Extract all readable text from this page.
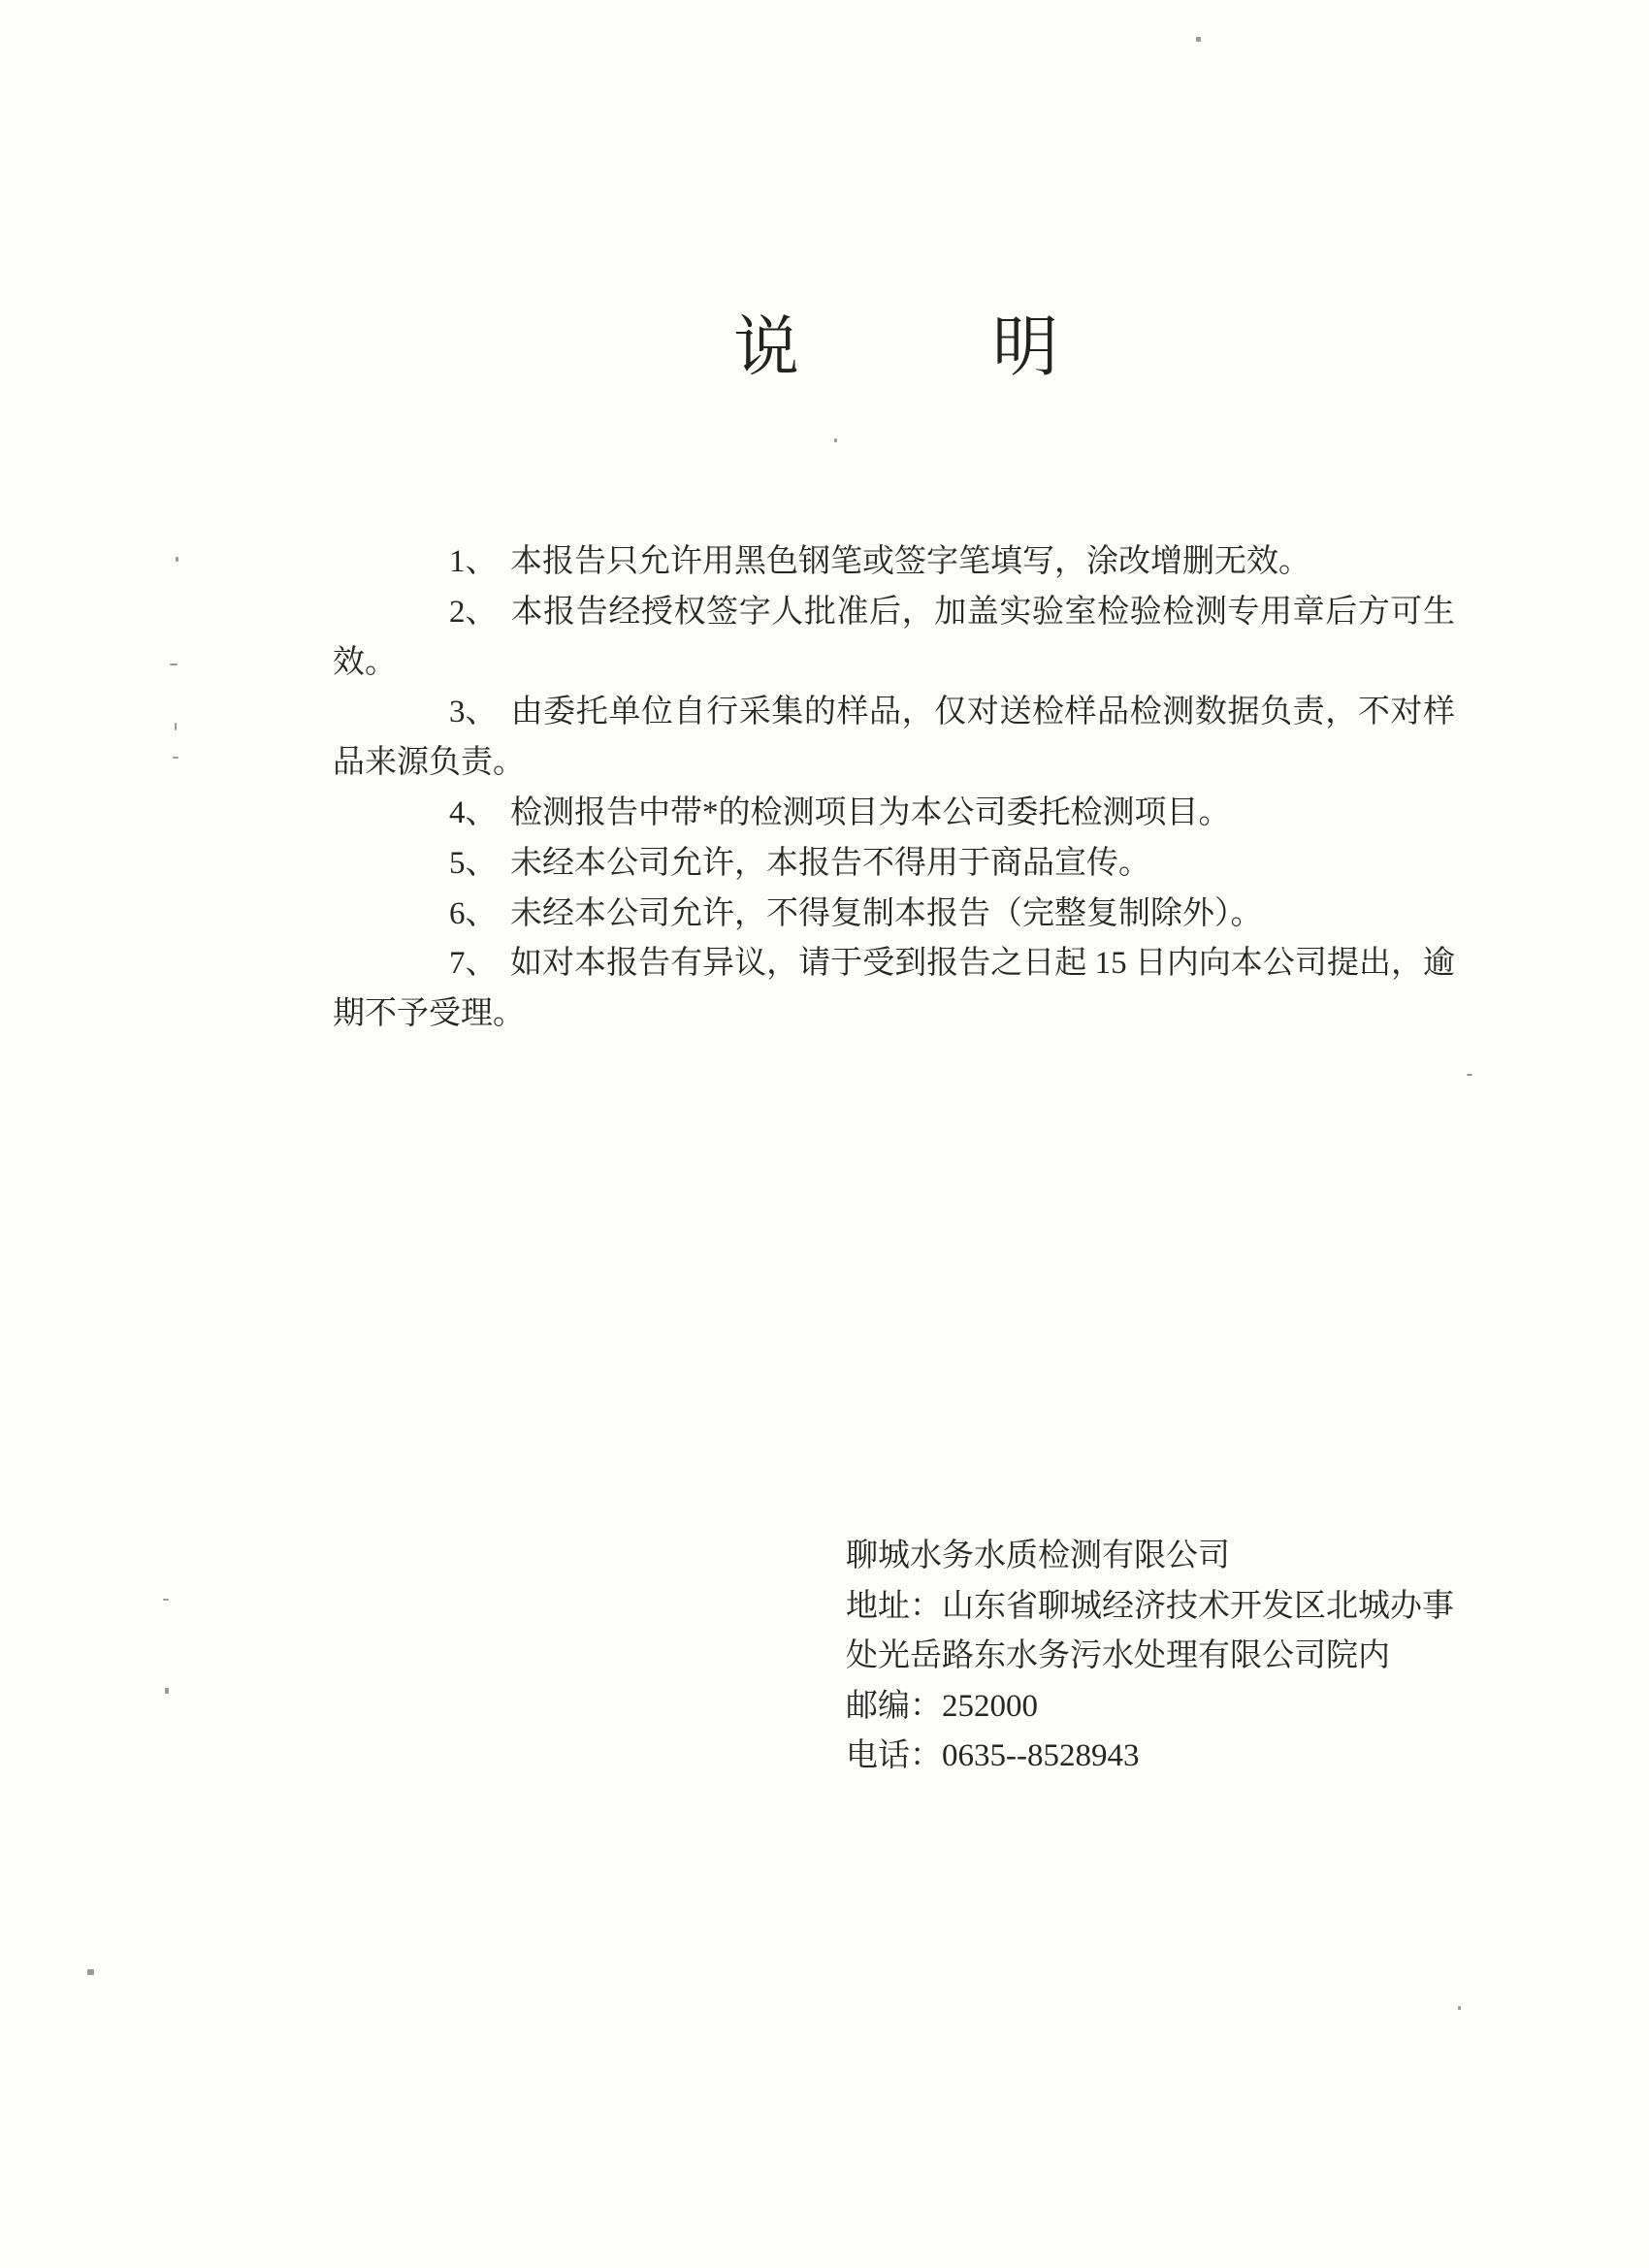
说 明

1、 本报告只允许用黑色钢笔或签字笔填写，涂改增删无效。

2、 本报告经授权签字人批准后，加盖实验室检验检测专用章后方可生效。

3、 由委托单位自行采集的样品，仅对送检样品检测数据负责，不对样品来源负责。

4、 检测报告中带*的检测项目为本公司委托检测项目。

5、 未经本公司允许，本报告不得用于商品宣传。

6、 未经本公司允许，不得复制本报告（完整复制除外）。

7、 如对本报告有异议，请于受到报告之日起 15 日内向本公司提出，逾期不予受理。

聊城水务水质检测有限公司
地址：山东省聊城经济技术开发区北城办事处光岳路东水务污水处理有限公司院内
邮编：252000
电话：0635--8528943
